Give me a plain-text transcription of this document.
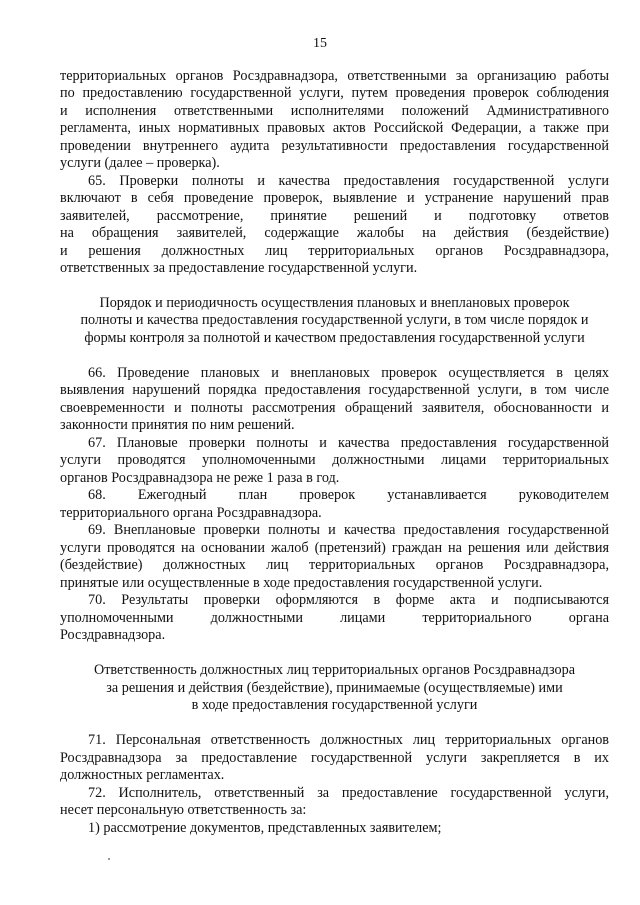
15
территориальных органов Росздравнадзора, ответственными за организацию работы
по предоставлению государственной услуги, путем проведения проверок соблюдения
и исполнения ответственными исполнителями положений Административного
регламента, иных нормативных правовых актов Российской Федерации, а также при
проведении внутреннего аудита результативности предоставления государственной
услуги (далее – проверка).
65. Проверки полноты и качества предоставления государственной услуги
включают в себя проведение проверок, выявление и устранение нарушений прав
заявителей, рассмотрение, принятие решений и подготовку ответов
на обращения заявителей, содержащие жалобы на действия (бездействие)
и решения должностных лиц территориальных органов Росздравнадзора,
ответственных за предоставление государственной услуги.
Порядок и периодичность осуществления плановых и внеплановых проверок
полноты и качества предоставления государственной услуги, в том числе порядок и
формы контроля за полнотой и качеством предоставления государственной услуги
66. Проведение плановых и внеплановых проверок осуществляется в целях
выявления нарушений порядка предоставления государственной услуги, в том числе
своевременности и полноты рассмотрения обращений заявителя, обоснованности и
законности принятия по ним решений.
67. Плановые проверки полноты и качества предоставления государственной
услуги проводятся уполномоченными должностными лицами территориальных
органов Росздравнадзора не реже 1 раза в год.
68. Ежегодный план проверок устанавливается руководителем
территориального органа Росздравнадзора.
69. Внеплановые проверки полноты и качества предоставления государственной
услуги проводятся на основании жалоб (претензий) граждан на решения или действия
(бездействие) должностных лиц территориальных органов Росздравнадзора,
принятые или осуществленные в ходе предоставления государственной услуги.
70. Результаты проверки оформляются в форме акта и подписываются
уполномоченными должностными лицами территориального органа
Росздравнадзора.
Ответственность должностных лиц территориальных органов Росздравнадзора
за решения и действия (бездействие), принимаемые (осуществляемые) ими
в ходе предоставления государственной услуги
71. Персональная ответственность должностных лиц территориальных органов
Росздравнадзора за предоставление государственной услуги закрепляется в их
должностных регламентах.
72. Исполнитель, ответственный за предоставление государственной услуги,
несет персональную ответственность за:
1) рассмотрение документов, представленных заявителем;
